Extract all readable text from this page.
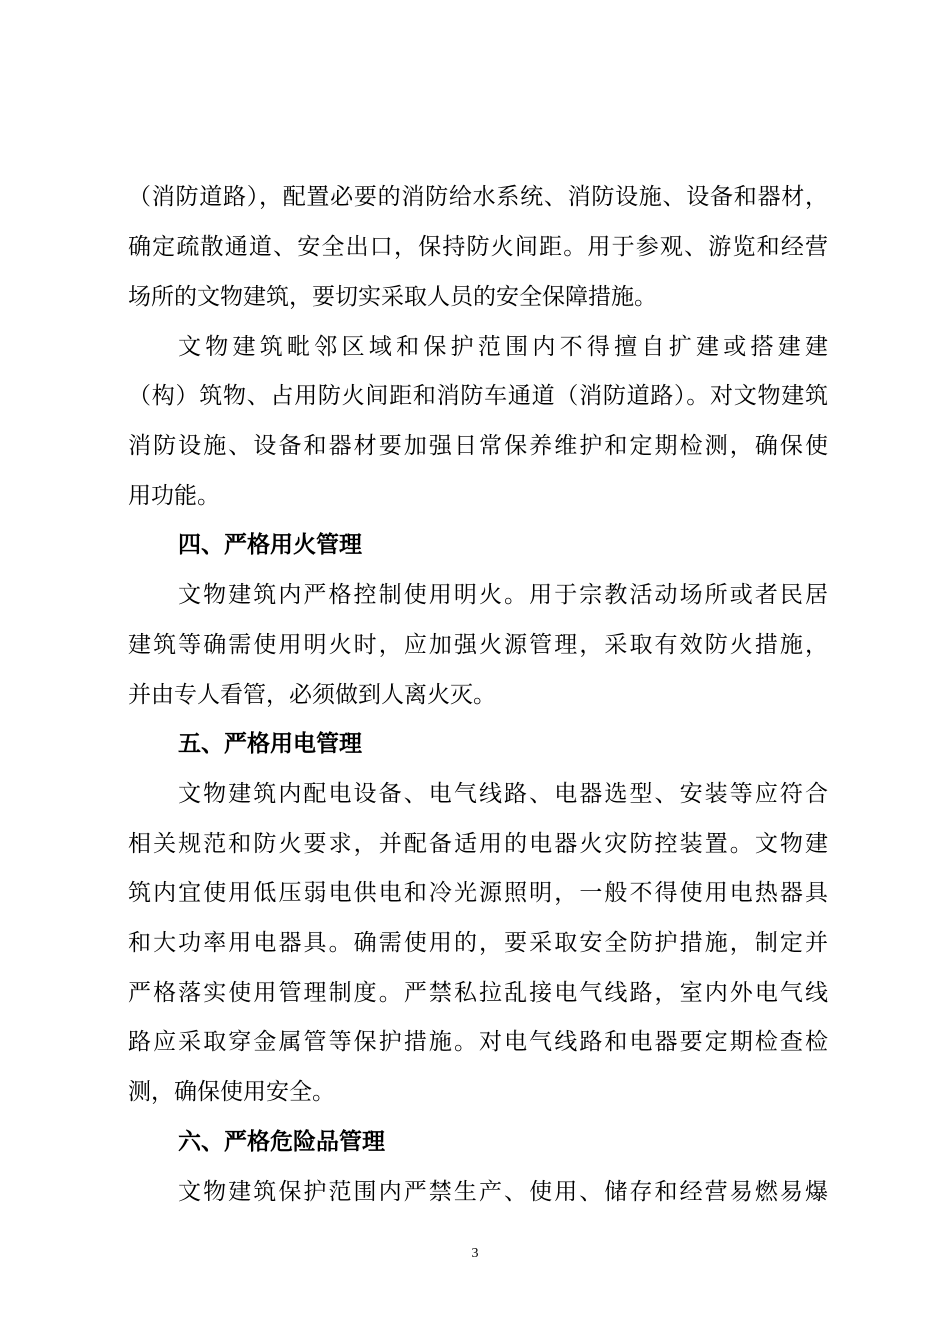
（消防道路），配置必要的消防给水系统、消防设施、设备和器材，
确定疏散通道、安全出口，保持防火间距。用于参观、游览和经营
场所的文物建筑，要切实采取人员的安全保障措施。
文物建筑毗邻区域和保护范围内不得擅自扩建或搭建建
（构）筑物、占用防火间距和消防车通道（消防道路）。对文物建筑
消防设施、设备和器材要加强日常保养维护和定期检测，确保使
用功能。
四、严格用火管理
文物建筑内严格控制使用明火。用于宗教活动场所或者民居
建筑等确需使用明火时，应加强火源管理，采取有效防火措施，
并由专人看管，必须做到人离火灭。
五、严格用电管理
文物建筑内配电设备、电气线路、电器选型、安装等应符合
相关规范和防火要求，并配备适用的电器火灾防控装置。文物建
筑内宜使用低压弱电供电和冷光源照明，一般不得使用电热器具
和大功率用电器具。确需使用的，要采取安全防护措施，制定并
严格落实使用管理制度。严禁私拉乱接电气线路，室内外电气线
路应采取穿金属管等保护措施。对电气线路和电器要定期检查检
测，确保使用安全。
六、严格危险品管理
文物建筑保护范围内严禁生产、使用、储存和经营易燃易爆
3
